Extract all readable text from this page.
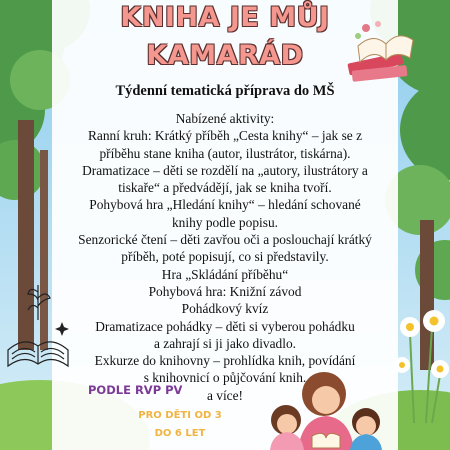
KNIHA JE MŮJ
KAMARÁD
Týdenní tematická příprava do MŠ
Nabízené aktivity:
Ranní kruh: Krátký příběh „Cesta knihy“ – jak se z
příběhu stane kniha (autor, ilustrátor, tiskárna).
Dramatizace – děti se rozdělí na „autory, ilustrátory a
tiskaře“ a předvádějí, jak se kniha tvoří.
Pohybová hra „Hledání knihy“ – hledání schované
knihy podle popisu.
Senzorické čtení – děti zavřou oči a poslouchají krátký
příběh, poté popisují, co si představily.
Hra „Skládání příběhu“
Pohybová hra: Knižní závod
Pohádkový kvíz
Dramatizace pohádky – děti si vyberou pohádku
a zahrají si ji jako divadlo.
Exkurze do knihovny – prohlídka knih, povídání
s knihovnicí o půjčování knih.
a více!
PODLE RVP PV
PRO DĚTI OD 3
DO 6 LET
